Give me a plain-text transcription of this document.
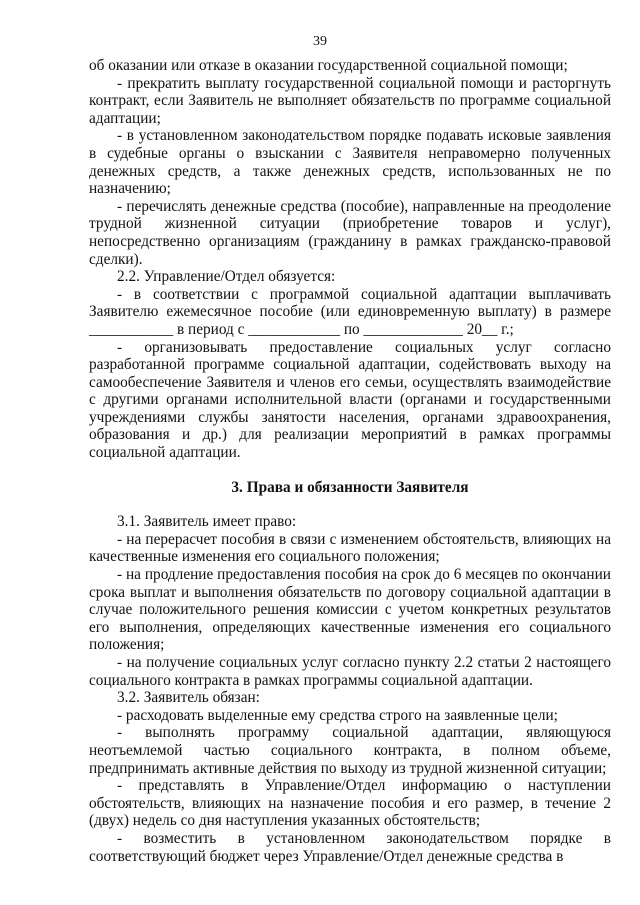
39

об оказании или отказе в оказании государственной социальной помощи;

- прекратить выплату государственной социальной помощи и расторгнуть контракт, если Заявитель не выполняет обязательств по программе социальной адаптации;

- в установленном законодательством порядке подавать исковые заявления в судебные органы о взыскании с Заявителя неправомерно полученных денежных средств, а также денежных средств, использованных не по назначению;

- перечислять денежные средства (пособие), направленные на преодоление трудной жизненной ситуации (приобретение товаров и услуг), непосредственно организациям (гражданину в рамках гражданско-правовой сделки).

2.2. Управление/Отдел обязуется:

- в соответствии с программой социальной адаптации выплачивать Заявителю ежемесячное пособие (или единовременную выплату) в размере ___________ в период с ____________ по _____________ 20__ г.;

- организовывать предоставление социальных услуг согласно разработанной программе социальной адаптации, содействовать выходу на самообеспечение Заявителя и членов его семьи, осуществлять взаимодействие с другими органами исполнительной власти (органами и государственными учреждениями службы занятости населения, органами здравоохранения, образования и др.) для реализации мероприятий в рамках программы социальной адаптации.

3. Права и обязанности Заявителя

3.1. Заявитель имеет право:

- на перерасчет пособия в связи с изменением обстоятельств, влияющих на качественные изменения его социального положения;

- на продление предоставления пособия на срок до 6 месяцев по окончании срока выплат и выполнения обязательств по договору социальной адаптации в случае положительного решения комиссии с учетом конкретных результатов его выполнения, определяющих качественные изменения его социального положения;

- на получение социальных услуг согласно пункту 2.2 статьи 2 настоящего социального контракта в рамках программы социальной адаптации.

3.2. Заявитель обязан:

- расходовать выделенные ему средства строго на заявленные цели;

- выполнять программу социальной адаптации, являющуюся неотъемлемой частью социального контракта, в полном объеме, предпринимать активные действия по выходу из трудной жизненной ситуации;

- представлять в Управление/Отдел информацию о наступлении обстоятельств, влияющих на назначение пособия и его размер, в течение 2 (двух) недель со дня наступления указанных обстоятельств;

- возместить в установленном законодательством порядке в соответствующий бюджет через Управление/Отдел денежные средства в
